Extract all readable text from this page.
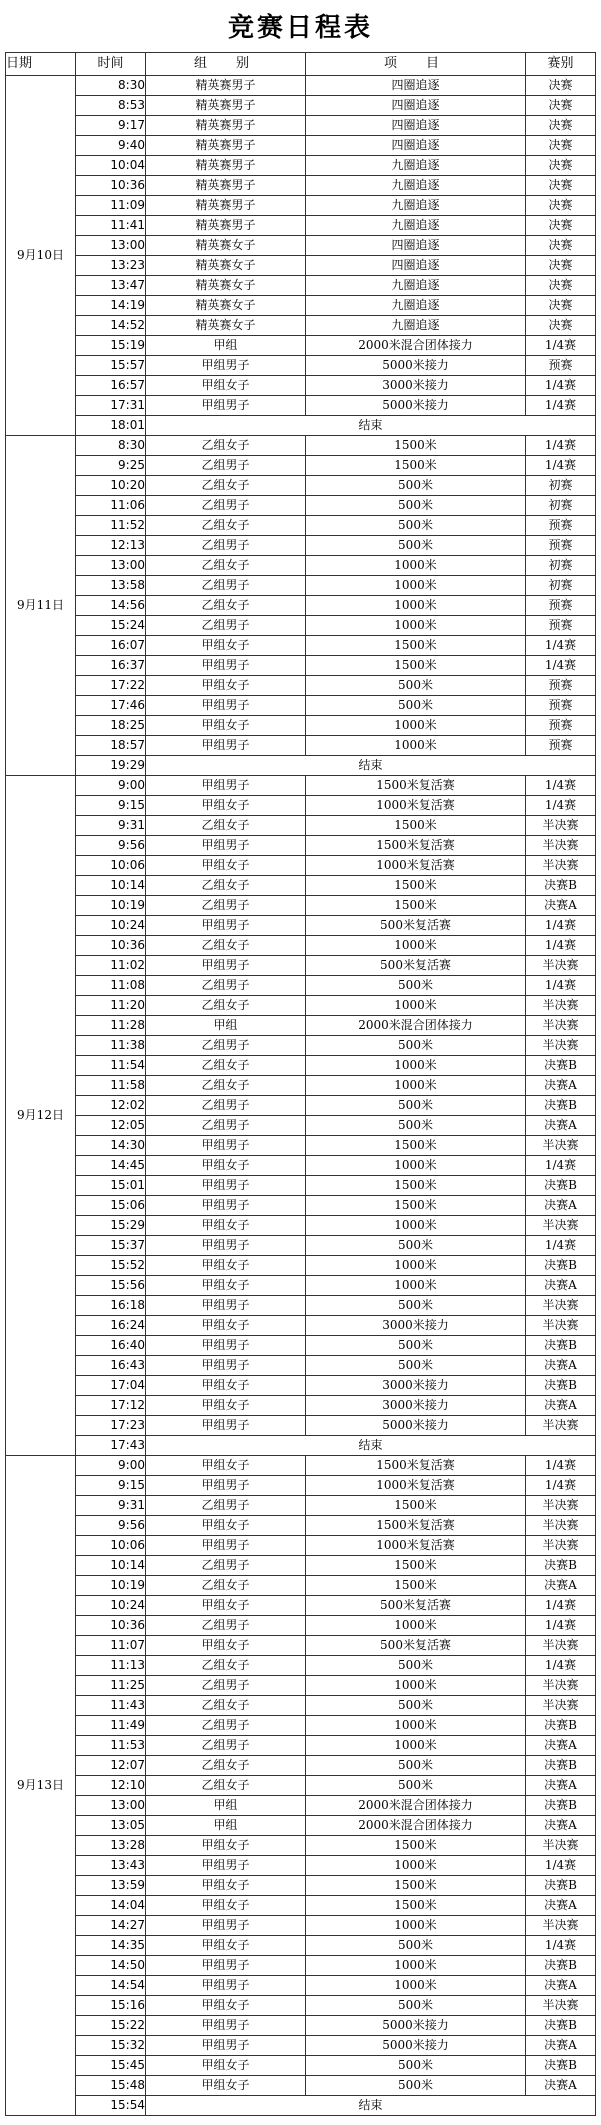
竞赛日程表
日期	时间	组　别	项　目	赛别
9月10日	8:30	精英赛男子	四圈追逐	决赛
	8:53	精英赛男子	四圈追逐	决赛
	9:17	精英赛男子	四圈追逐	决赛
	9:40	精英赛男子	四圈追逐	决赛
	10:04	精英赛男子	九圈追逐	决赛
	10:36	精英赛男子	九圈追逐	决赛
	11:09	精英赛男子	九圈追逐	决赛
	11:41	精英赛男子	九圈追逐	决赛
	13:00	精英赛女子	四圈追逐	决赛
	13:23	精英赛女子	四圈追逐	决赛
	13:47	精英赛女子	九圈追逐	决赛
	14:19	精英赛女子	九圈追逐	决赛
	14:52	精英赛女子	九圈追逐	决赛
	15:19	甲组	2000米混合团体接力	1/4赛
	15:57	甲组男子	5000米接力	预赛
	16:57	甲组女子	3000米接力	1/4赛
	17:31	甲组男子	5000米接力	1/4赛
	18:01	结束		
9月11日	8:30	乙组女子	1500米	1/4赛
	9:25	乙组男子	1500米	1/4赛
	10:20	乙组女子	500米	初赛
	11:06	乙组男子	500米	初赛
	11:52	乙组女子	500米	预赛
	12:13	乙组男子	500米	预赛
	13:00	乙组女子	1000米	初赛
	13:58	乙组男子	1000米	初赛
	14:56	乙组女子	1000米	预赛
	15:24	乙组男子	1000米	预赛
	16:07	甲组女子	1500米	1/4赛
	16:37	甲组男子	1500米	1/4赛
	17:22	甲组女子	500米	预赛
	17:46	甲组男子	500米	预赛
	18:25	甲组女子	1000米	预赛
	18:57	甲组男子	1000米	预赛
	19:29	结束		
9月12日	9:00	甲组男子	1500米复活赛	1/4赛
	9:15	甲组女子	1000米复活赛	1/4赛
	9:31	乙组女子	1500米	半决赛
	9:56	甲组男子	1500米复活赛	半决赛
	10:06	甲组女子	1000米复活赛	半决赛
	10:14	乙组女子	1500米	决赛B
	10:19	乙组男子	1500米	决赛A
	10:24	甲组男子	500米复活赛	1/4赛
	10:36	乙组女子	1000米	1/4赛
	11:02	甲组男子	500米复活赛	半决赛
	11:08	乙组男子	500米	1/4赛
	11:20	乙组女子	1000米	半决赛
	11:28	甲组	2000米混合团体接力	半决赛
	11:38	乙组男子	500米	半决赛
	11:54	乙组女子	1000米	决赛B
	11:58	乙组女子	1000米	决赛A
	12:02	乙组男子	500米	决赛B
	12:05	乙组男子	500米	决赛A
	14:30	甲组男子	1500米	半决赛
	14:45	甲组女子	1000米	1/4赛
	15:01	甲组男子	1500米	决赛B
	15:06	甲组男子	1500米	决赛A
	15:29	甲组女子	1000米	半决赛
	15:37	甲组男子	500米	1/4赛
	15:52	甲组女子	1000米	决赛B
	15:56	甲组女子	1000米	决赛A
	16:18	甲组男子	500米	半决赛
	16:24	甲组女子	3000米接力	半决赛
	16:40	甲组男子	500米	决赛B
	16:43	甲组男子	500米	决赛A
	17:04	甲组女子	3000米接力	决赛B
	17:12	甲组女子	3000米接力	决赛A
	17:23	甲组男子	5000米接力	半决赛
	17:43	结束		
9月13日	9:00	甲组女子	1500米复活赛	1/4赛
	9:15	甲组男子	1000米复活赛	1/4赛
	9:31	乙组男子	1500米	半决赛
	9:56	甲组女子	1500米复活赛	半决赛
	10:06	甲组男子	1000米复活赛	半决赛
	10:14	乙组男子	1500米	决赛B
	10:19	乙组女子	1500米	决赛A
	10:24	甲组女子	500米复活赛	1/4赛
	10:36	乙组男子	1000米	1/4赛
	11:07	甲组女子	500米复活赛	半决赛
	11:13	乙组女子	500米	1/4赛
	11:25	乙组男子	1000米	半决赛
	11:43	乙组女子	500米	半决赛
	11:49	乙组男子	1000米	决赛B
	11:53	乙组男子	1000米	决赛A
	12:07	乙组女子	500米	决赛B
	12:10	乙组女子	500米	决赛A
	13:00	甲组	2000米混合团体接力	决赛B
	13:05	甲组	2000米混合团体接力	决赛A
	13:28	甲组女子	1500米	半决赛
	13:43	甲组男子	1000米	1/4赛
	13:59	甲组女子	1500米	决赛B
	14:04	甲组女子	1500米	决赛A
	14:27	甲组男子	1000米	半决赛
	14:35	甲组女子	500米	1/4赛
	14:50	甲组男子	1000米	决赛B
	14:54	甲组男子	1000米	决赛A
	15:16	甲组女子	500米	半决赛
	15:22	甲组男子	5000米接力	决赛B
	15:32	甲组男子	5000米接力	决赛A
	15:45	甲组女子	500米	决赛B
	15:48	甲组女子	500米	决赛A
	15:54	结束		
